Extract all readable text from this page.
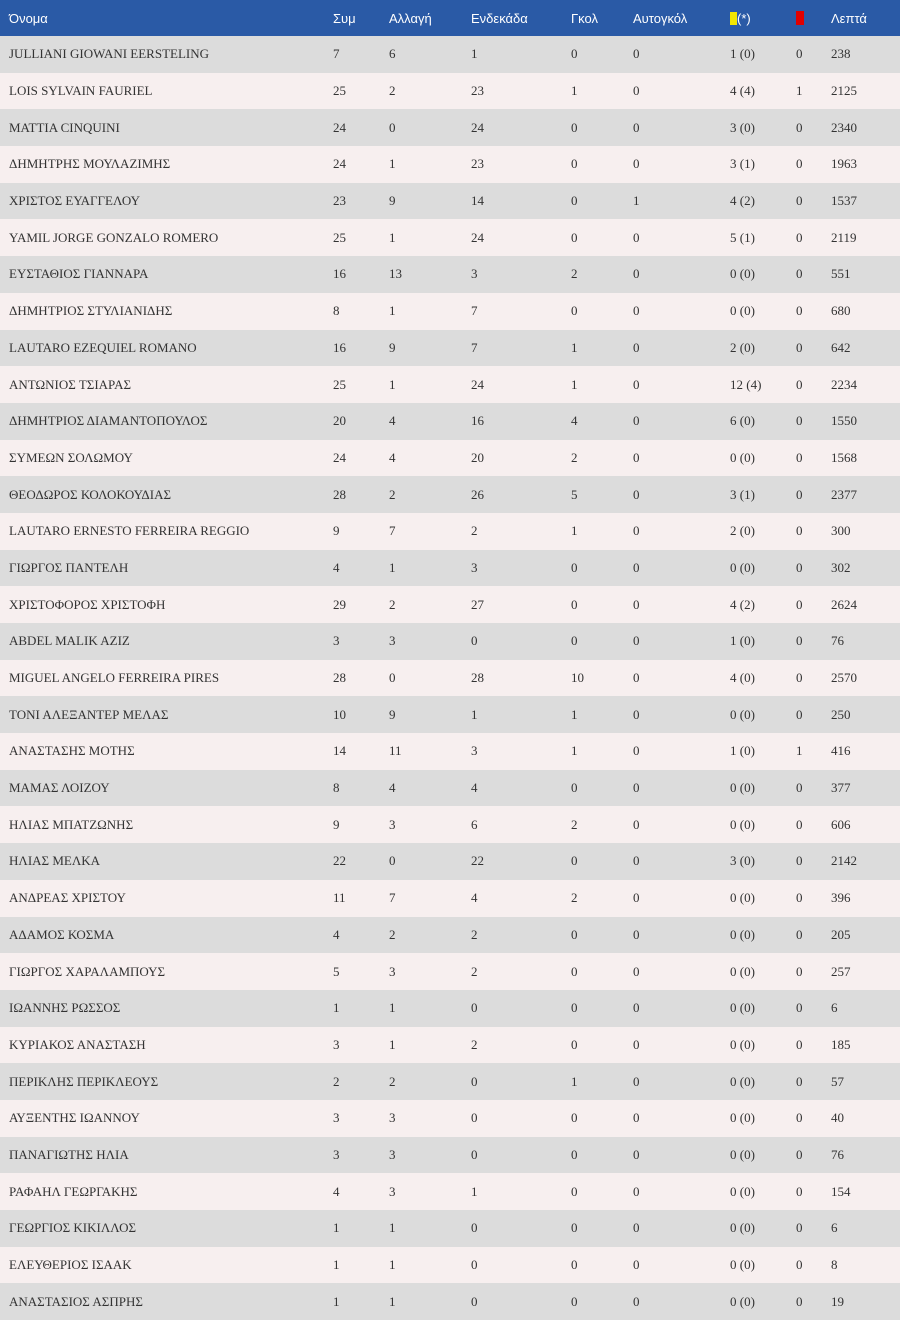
Όνομα	Συμ	Αλλαγή	Ενδεκάδα	Γκολ	Αυτογκόλ	(*)		Λεπτά
JULLIANI GIOWANI EERSTELING	7	6	1	0	0	1 (0)	0	238
LOIS SYLVAIN FAURIEL	25	2	23	1	0	4 (4)	1	2125
MATTIA CINQUINI	24	0	24	0	0	3 (0)	0	2340
ΔΗΜΗΤΡΗΣ ΜΟΥΛΑΖΙΜΗΣ	24	1	23	0	0	3 (1)	0	1963
ΧΡΙΣΤΟΣ ΕΥΑΓΓΕΛΟΥ	23	9	14	0	1	4 (2)	0	1537
YAMIL JORGE GONZALO ROMERO	25	1	24	0	0	5 (1)	0	2119
ΕΥΣΤΑΘΙΟΣ ΓΙΑΝΝΑΡΑ	16	13	3	2	0	0 (0)	0	551
ΔΗΜΗΤΡΙΟΣ ΣΤΥΛΙΑΝΙΔΗΣ	8	1	7	0	0	0 (0)	0	680
LAUTARO EZEQUIEL ROMANO	16	9	7	1	0	2 (0)	0	642
ΑΝΤΩΝΙΟΣ ΤΣΙΑΡΑΣ	25	1	24	1	0	12 (4)	0	2234
ΔΗΜΗΤΡΙΟΣ ΔΙΑΜΑΝΤΟΠΟΥΛΟΣ	20	4	16	4	0	6 (0)	0	1550
ΣΥΜΕΩΝ ΣΟΛΩΜΟΥ	24	4	20	2	0	0 (0)	0	1568
ΘΕΟΔΩΡΟΣ ΚΟΛΟΚΟΥΔΙΑΣ	28	2	26	5	0	3 (1)	0	2377
LAUTARO ERNESTO FERREIRA REGGIO	9	7	2	1	0	2 (0)	0	300
ΓΙΩΡΓΟΣ ΠΑΝΤΕΛΗ	4	1	3	0	0	0 (0)	0	302
ΧΡΙΣΤΟΦΟΡΟΣ ΧΡΙΣΤΟΦΗ	29	2	27	0	0	4 (2)	0	2624
ABDEL MALIK AZIZ	3	3	0	0	0	1 (0)	0	76
MIGUEL ANGELO FERREIRA PIRES	28	0	28	10	0	4 (0)	0	2570
ΤΟΝΙ ΑΛΕΞΑΝΤΕΡ ΜΕΛΑΣ	10	9	1	1	0	0 (0)	0	250
ΑΝΑΣΤΑΣΗΣ ΜΟΤΗΣ	14	11	3	1	0	1 (0)	1	416
ΜΑΜΑΣ ΛΟΙΖΟΥ	8	4	4	0	0	0 (0)	0	377
ΗΛΙΑΣ ΜΠΑΤΖΩΝΗΣ	9	3	6	2	0	0 (0)	0	606
ΗΛΙΑΣ ΜΕΛΚΑ	22	0	22	0	0	3 (0)	0	2142
ΑΝΔΡΕΑΣ ΧΡΙΣΤΟΥ	11	7	4	2	0	0 (0)	0	396
ΑΔΑΜΟΣ ΚΟΣΜΑ	4	2	2	0	0	0 (0)	0	205
ΓΙΩΡΓΟΣ ΧΑΡΑΛΑΜΠΟΥΣ	5	3	2	0	0	0 (0)	0	257
ΙΩΑΝΝΗΣ ΡΩΣΣΟΣ	1	1	0	0	0	0 (0)	0	6
ΚΥΡΙΑΚΟΣ ΑΝΑΣΤΑΣΗ	3	1	2	0	0	0 (0)	0	185
ΠΕΡΙΚΛΗΣ ΠΕΡΙΚΛΕΟΥΣ	2	2	0	1	0	0 (0)	0	57
ΑΥΞΕΝΤΗΣ ΙΩΑΝΝΟΥ	3	3	0	0	0	0 (0)	0	40
ΠΑΝΑΓΙΩΤΗΣ ΗΛΙΑ	3	3	0	0	0	0 (0)	0	76
ΡΑΦΑΗΛ ΓΕΩΡΓΑΚΗΣ	4	3	1	0	0	0 (0)	0	154
ΓΕΩΡΓΙΟΣ ΚΙΚΙΛΛΟΣ	1	1	0	0	0	0 (0)	0	6
ΕΛΕΥΘΕΡΙΟΣ ΙΣΑΑΚ	1	1	0	0	0	0 (0)	0	8
ΑΝΑΣΤΑΣΙΟΣ ΑΣΠΡΗΣ	1	1	0	0	0	0 (0)	0	19
